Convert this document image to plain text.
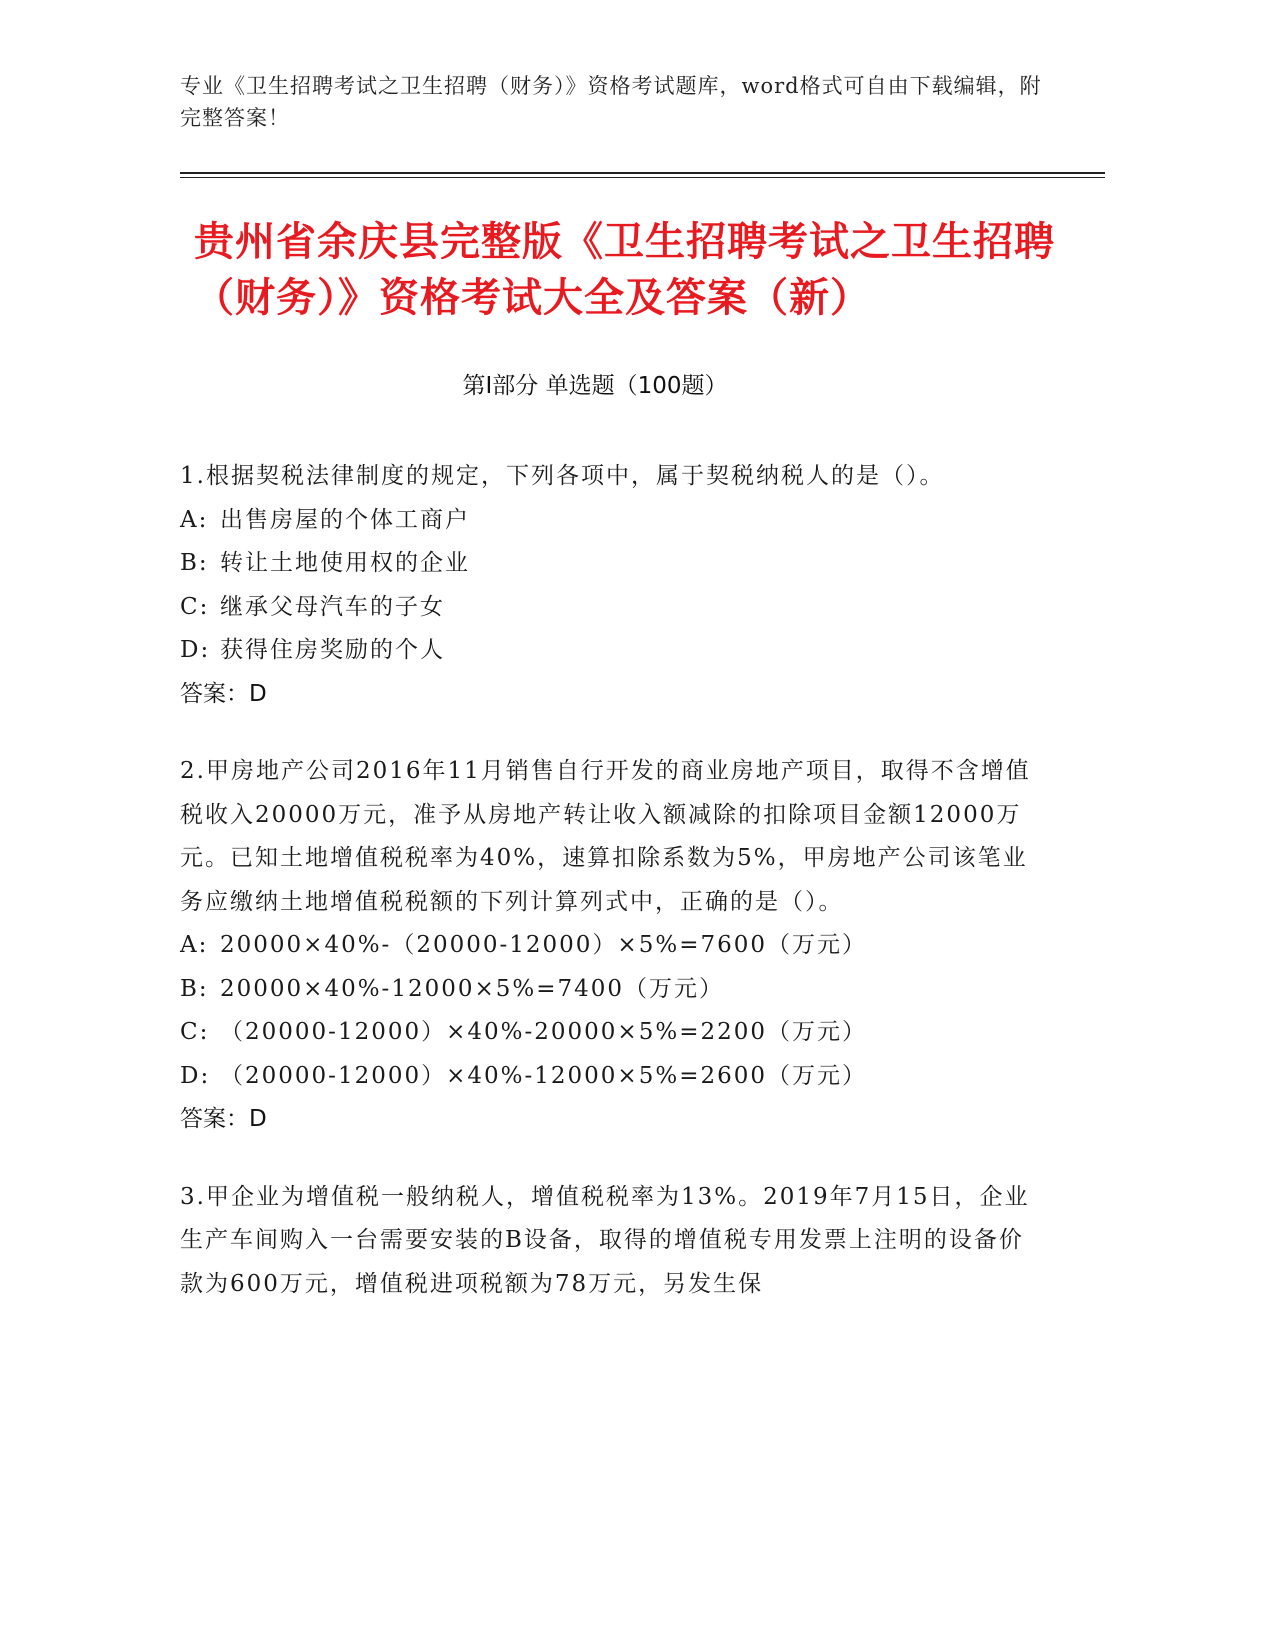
专业《卫生招聘考试之卫生招聘（财务）》资格考试题库，word格式可自由下载编辑，附完整答案！
贵州省余庆县完整版《卫生招聘考试之卫生招聘（财务）》资格考试大全及答案（新）
第Ⅰ部分 单选题（100题）

1.根据契税法律制度的规定，下列各项中，属于契税纳税人的是（）。

A: 出售房屋的个体工商户

B: 转让土地使用权的企业

C: 继承父母汽车的子女

D: 获得住房奖励的个人

答案：D

2.甲房地产公司2016年11月销售自行开发的商业房地产项目，取得不含增值税收入20000万元，准予从房地产转让收入额减除的扣除项目金额12000万元。已知土地增值税税率为40%，速算扣除系数为5%，甲房地产公司该笔业务应缴纳土地增值税税额的下列计算列式中，正确的是（）。

A: 20000×40%-（20000-12000）×5%=7600（万元）

B: 20000×40%-12000×5%=7400（万元）

C: （20000-12000）×40%-20000×5%=2200（万元）

D: （20000-12000）×40%-12000×5%=2600（万元）

答案：D

3.甲企业为增值税一般纳税人，增值税税率为13%。2019年7月15日，企业生产车间购入一台需要安装的B设备，取得的增值税专用发票上注明的设备价款为600万元，增值税进项税额为78万元，另发生保
